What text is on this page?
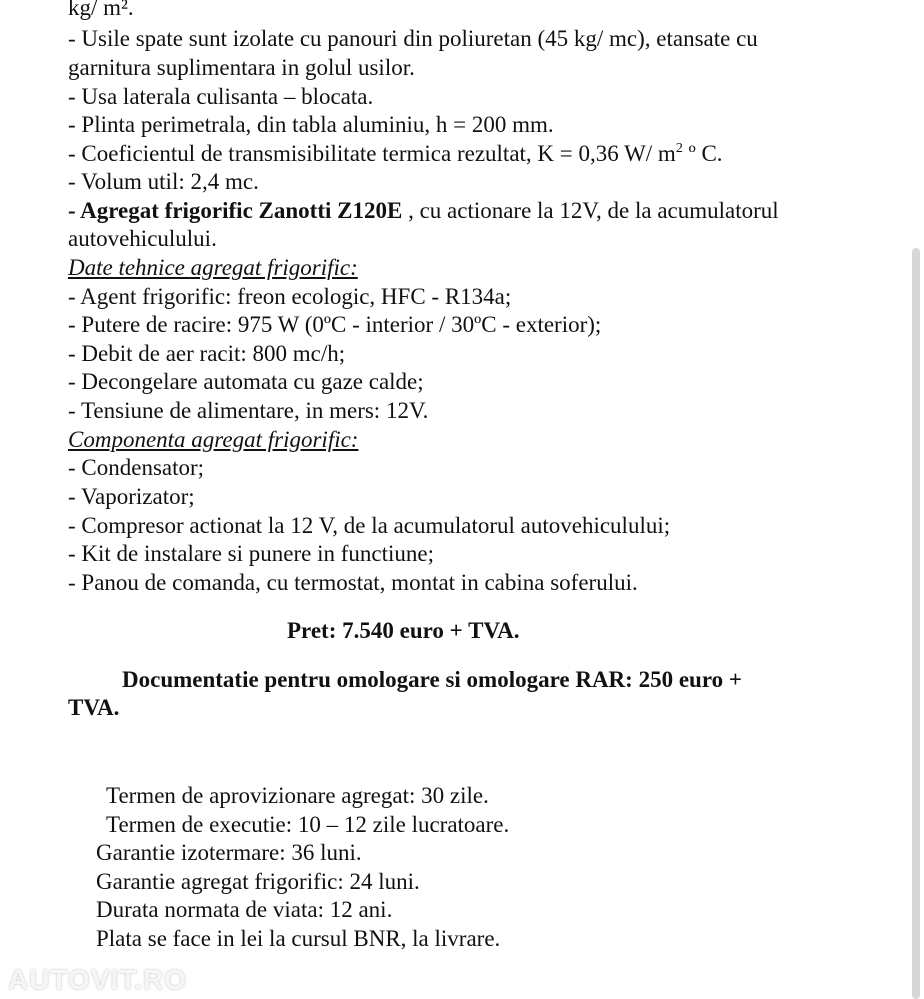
kg/ m².
- Usile spate sunt izolate cu panouri din poliuretan (45 kg/ mc), etansate cu
garnitura suplimentara in golul usilor.
- Usa laterala culisanta – blocata.
- Plinta perimetrala, din tabla aluminiu, h = 200 mm.
- Coeficientul de transmisibilitate termica rezultat, K = 0,36 W/ $m^2$ º C.
- Volum util: 2,4 mc.
- Agregat frigorific Zanotti Z120E , cu actionare la 12V, de la acumulatorul
autovehiculului.
Date tehnice agregat frigorific:
- Agent frigorific: freon ecologic, HFC - R134a;
- Putere de racire: 975 W (0ºC - interior / 30ºC - exterior);
- Debit de aer racit: 800 mc/h;
- Decongelare automata cu gaze calde;
- Tensiune de alimentare, in mers: 12V.
Componenta agregat frigorific:
- Condensator;
- Vaporizator;
- Compresor actionat la 12 V, de la acumulatorul autovehiculului;
- Kit de instalare si punere in functiune;
- Panou de comanda, cu termostat, montat in cabina soferului.
Pret: 7.540 euro + TVA.
Documentatie pentru omologare si omologare RAR: 250 euro +
TVA.
Termen de aprovizionare agregat: 30 zile.
Termen de executie: 10 – 12 zile lucratoare.
Garantie izotermare: 36 luni.
Garantie agregat frigorific: 24 luni.
Durata normata de viata: 12 ani.
Plata se face in lei la cursul BNR, la livrare.
AUTOVIT.RO
